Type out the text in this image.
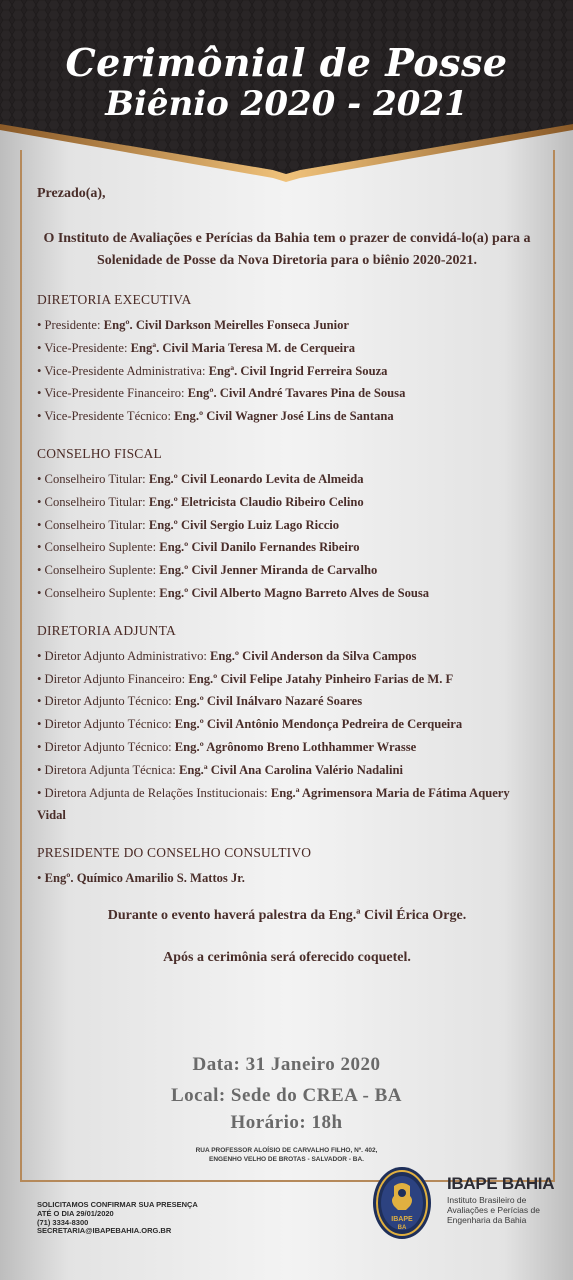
Cerimônial de Posse
Biênio 2020 - 2021

Prezado(a),

O Instituto de Avaliações e Perícias da Bahia tem o prazer de convidá-lo(a) para a Solenidade de Posse da Nova Diretoria para o biênio 2020-2021.

DIRETORIA EXECUTIVA
• Presidente: Engº. Civil Darkson Meirelles Fonseca Junior
• Vice-Presidente: Engª. Civil Maria Teresa M. de Cerqueira
• Vice-Presidente Administrativa: Engª. Civil Ingrid Ferreira Souza
• Vice-Presidente Financeiro: Engº. Civil André Tavares Pina de Sousa
• Vice-Presidente Técnico: Eng.º Civil Wagner José Lins de Santana
CONSELHO FISCAL
• Conselheiro Titular: Eng.º Civil Leonardo Levita de Almeida
• Conselheiro Titular: Eng.º Eletricista Claudio Ribeiro Celino
• Conselheiro Titular: Eng.º Civil Sergio Luiz Lago Riccio
• Conselheiro Suplente: Eng.º Civil Danilo Fernandes Ribeiro
• Conselheiro Suplente: Eng.º Civil Jenner Miranda de Carvalho
• Conselheiro Suplente: Eng.º Civil Alberto Magno Barreto Alves de Sousa
DIRETORIA ADJUNTA
• Diretor Adjunto Administrativo: Eng.º Civil Anderson da Silva Campos
• Diretor Adjunto Financeiro: Eng.º Civil Felipe Jatahy Pinheiro Farias de M. F
• Diretor Adjunto Técnico: Eng.º Civil Inálvaro Nazaré Soares
• Diretor Adjunto Técnico: Eng.º Civil Antônio Mendonça Pedreira de Cerqueira
• Diretor Adjunto Técnico: Eng.º Agrônomo Breno Lothhammer Wrasse
• Diretora Adjunta Técnica: Eng.ª Civil Ana Carolina Valério Nadalini
• Diretora Adjunta de Relações Institucionais: Eng.ª Agrimensora Maria de Fátima Aquery Vidal
PRESIDENTE DO CONSELHO CONSULTIVO
• Engº. Químico Amarilio S. Mattos Jr.

Durante o evento haverá palestra da Eng.ª Civil Érica Orge.

Após a cerimônia será oferecido coquetel.

Data: 31 Janeiro 2020
Local: Sede do CREA - BA
Horário: 18h
RUA PROFESSOR ALOÍSIO DE CARVALHO FILHO, Nº. 402,
ENGENHO VELHO DE BROTAS - SALVADOR - BA.
SOLICITAMOS CONFIRMAR SUA PRESENÇA
ATÉ O DIA 29/01/2020
(71) 3334-8300
SECRETARIA@IBAPEBAHIA.ORG.BR
IBAPE
BA
IBAPE BAHIA
Instituto Brasileiro de
Avaliações e Perícias de
Engenharia da Bahia
